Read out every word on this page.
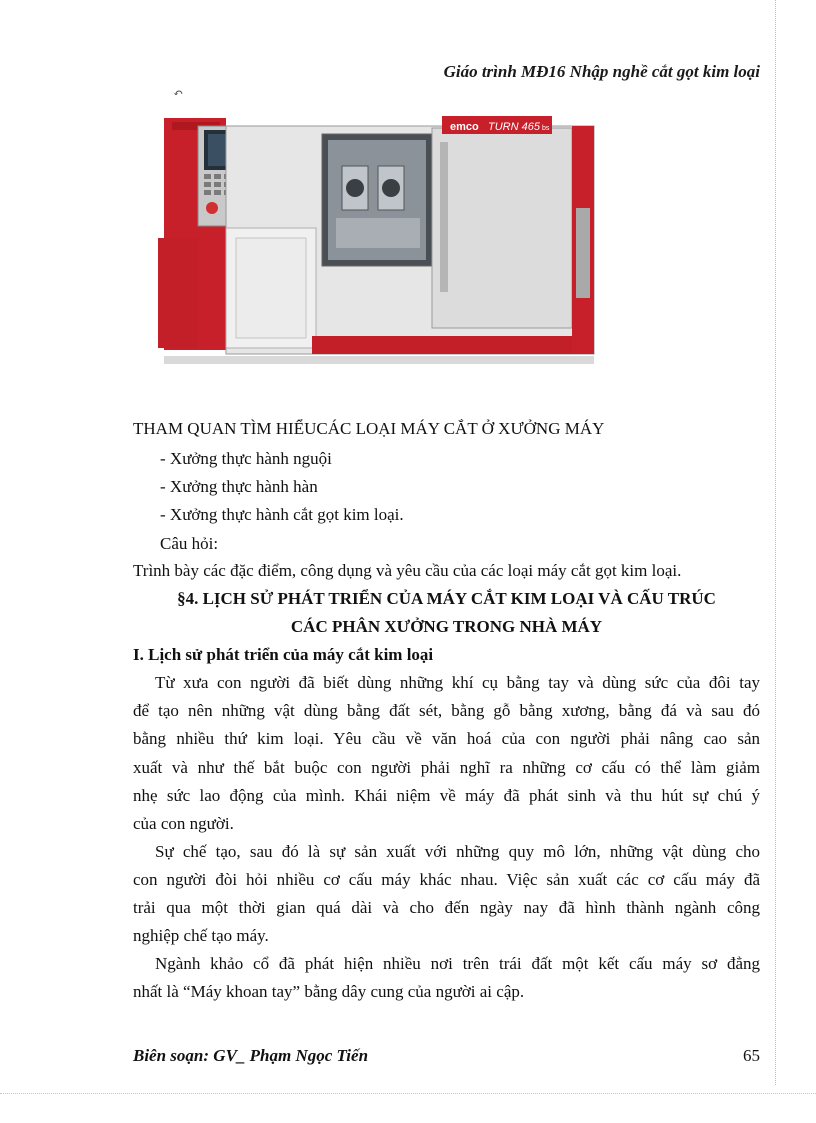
Giáo trình MĐ16 Nhập nghề cắt gọt kim loại
↶
emco TURN 465 bs
THAM QUAN TÌM HIỂUCÁC LOẠI MÁY CẮT Ở XƯỞNG MÁY
- Xưởng thực hành nguội
- Xưởng thực hành hàn
- Xưởng thực hành cắt gọt kim loại.
Câu hỏi:
Trình bày các đặc điểm, công dụng và yêu cầu của các loại máy cắt gọt kim loại.
§4. LỊCH SỬ PHÁT TRIỂN CỦA MÁY CẮT KIM LOẠI VÀ CẤU TRÚC
CÁC PHÂN XƯỞNG TRONG NHÀ MÁY
I. Lịch sử phát triển của máy cắt kim loại
Từ xưa con người đã biết dùng những khí cụ bằng tay và dùng sức của đôi tay
để tạo nên những vật dùng bằng đất sét, bằng gỗ bằng xương, bằng đá và sau đó
bằng nhiều thứ kim loại. Yêu cầu về văn hoá của con người phải nâng cao sản
xuất và như thế bắt buộc con người phải nghĩ ra những cơ cấu có thể làm giảm
nhẹ sức lao động của mình. Khái niệm về máy đã phát sinh và thu hút sự chú ý
của con người.
Sự chế tạo, sau đó là sự sản xuất với những quy mô lớn, những vật dùng cho
con người đòi hỏi nhiều cơ cấu máy khác nhau. Việc sản xuất các cơ cấu máy đã
trải qua một thời gian quá dài và cho đến ngày nay đã hình thành ngành công
nghiệp chế tạo máy.
Ngành khảo cổ đã phát hiện nhiều nơi trên trái đất một kết cấu máy sơ đẳng
nhất là “Máy khoan tay” bằng dây cung của người ai cập.
Biên soạn: GV_ Phạm Ngọc Tiến	65
